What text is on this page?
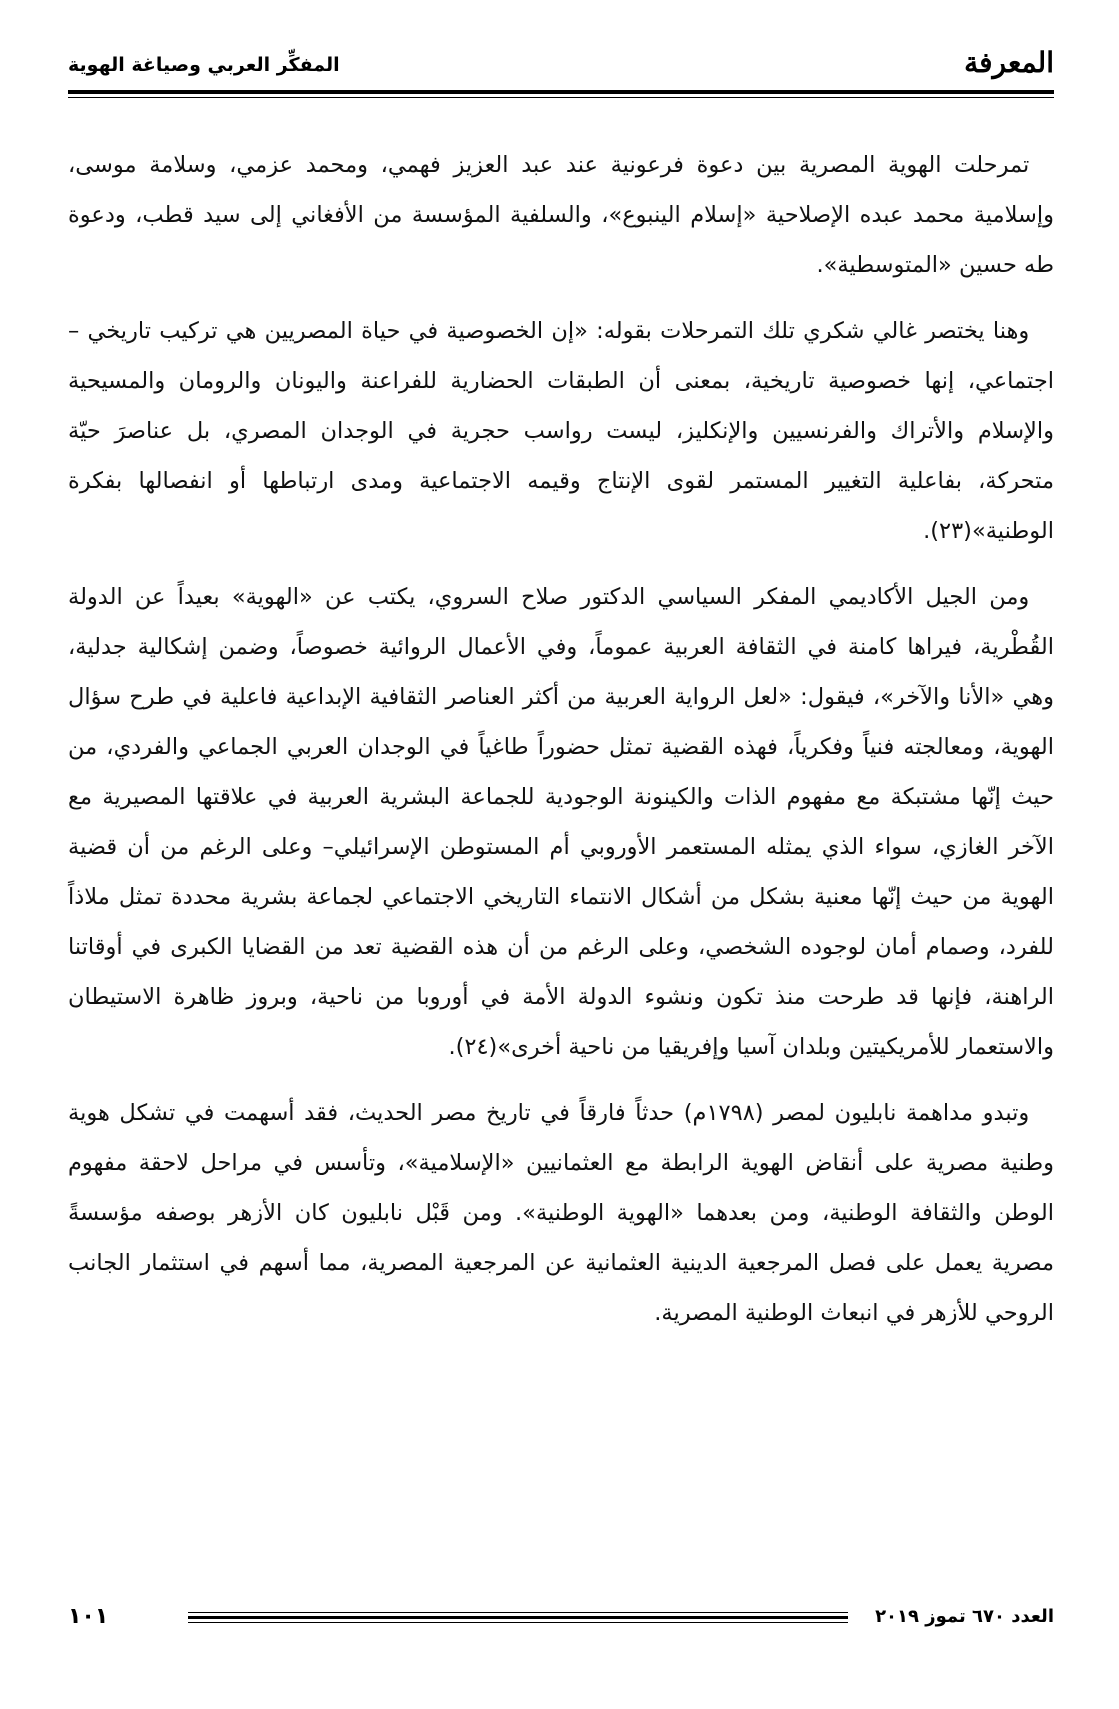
المعرفة
المفكِّر العربي وصياغة الهوية

تمرحلت الهوية المصرية بين دعوة فرعونية عند عبد العزيز فهمي، ومحمد عزمي، وسلامة موسى، وإسلامية محمد عبده الإصلاحية «إسلام الينبوع»، والسلفية المؤسسة من الأفغاني إلى سيد قطب، ودعوة طه حسين «المتوسطية».

وهنا يختصر غالي شكري تلك التمرحلات بقوله: «إن الخصوصية في حياة المصريين هي تركيب تاريخي – اجتماعي، إنها خصوصية تاريخية، بمعنى أن الطبقات الحضارية للفراعنة واليونان والرومان والمسيحية والإسلام والأتراك والفرنسيين والإنكليز، ليست رواسب حجرية في الوجدان المصري، بل عناصرَ حيّة متحركة، بفاعلية التغيير المستمر لقوى الإنتاج وقيمه الاجتماعية ومدى ارتباطها أو انفصالها بفكرة الوطنية»(٢٣).

ومن الجيل الأكاديمي المفكر السياسي الدكتور صلاح السروي، يكتب عن «الهوية» بعيداً عن الدولة القُطْرية، فيراها كامنة في الثقافة العربية عموماً، وفي الأعمال الروائية خصوصاً، وضمن إشكالية جدلية، وهي «الأنا والآخر»، فيقول: «لعل الرواية العربية من أكثر العناصر الثقافية الإبداعية فاعلية في طرح سؤال الهوية، ومعالجته فنياً وفكرياً، فهذه القضية تمثل حضوراً طاغياً في الوجدان العربي الجماعي والفردي، من حيث إنّها مشتبكة مع مفهوم الذات والكينونة الوجودية للجماعة البشرية العربية في علاقتها المصيرية مع الآخر الغازي، سواء الذي يمثله المستعمر الأوروبي أم المستوطن الإسرائيلي– وعلى الرغم من أن قضية الهوية من حيث إنّها معنية بشكل من أشكال الانتماء التاريخي الاجتماعي لجماعة بشرية محددة تمثل ملاذاً للفرد، وصمام أمان لوجوده الشخصي، وعلى الرغم من أن هذه القضية تعد من القضايا الكبرى في أوقاتنا الراهنة، فإنها قد طرحت منذ تكون ونشوء الدولة الأمة في أوروبا من ناحية، وبروز ظاهرة الاستيطان والاستعمار للأمريكيتين وبلدان آسيا وإفريقيا من ناحية أخرى»(٢٤).

وتبدو مداهمة نابليون لمصر (١٧٩٨م) حدثاً فارقاً في تاريخ مصر الحديث، فقد أسهمت في تشكل هوية وطنية مصرية على أنقاض الهوية الرابطة مع العثمانيين «الإسلامية»، وتأسس في مراحل لاحقة مفهوم الوطن والثقافة الوطنية، ومن بعدهما «الهوية الوطنية». ومن قَبْل نابليون كان الأزهر بوصفه مؤسسةً مصرية يعمل على فصل المرجعية الدينية العثمانية عن المرجعية المصرية، مما أسهم في استثمار الجانب الروحي للأزهر في انبعاث الوطنية المصرية.

١٠١	العدد ٦٧٠ تموز ٢٠١٩
